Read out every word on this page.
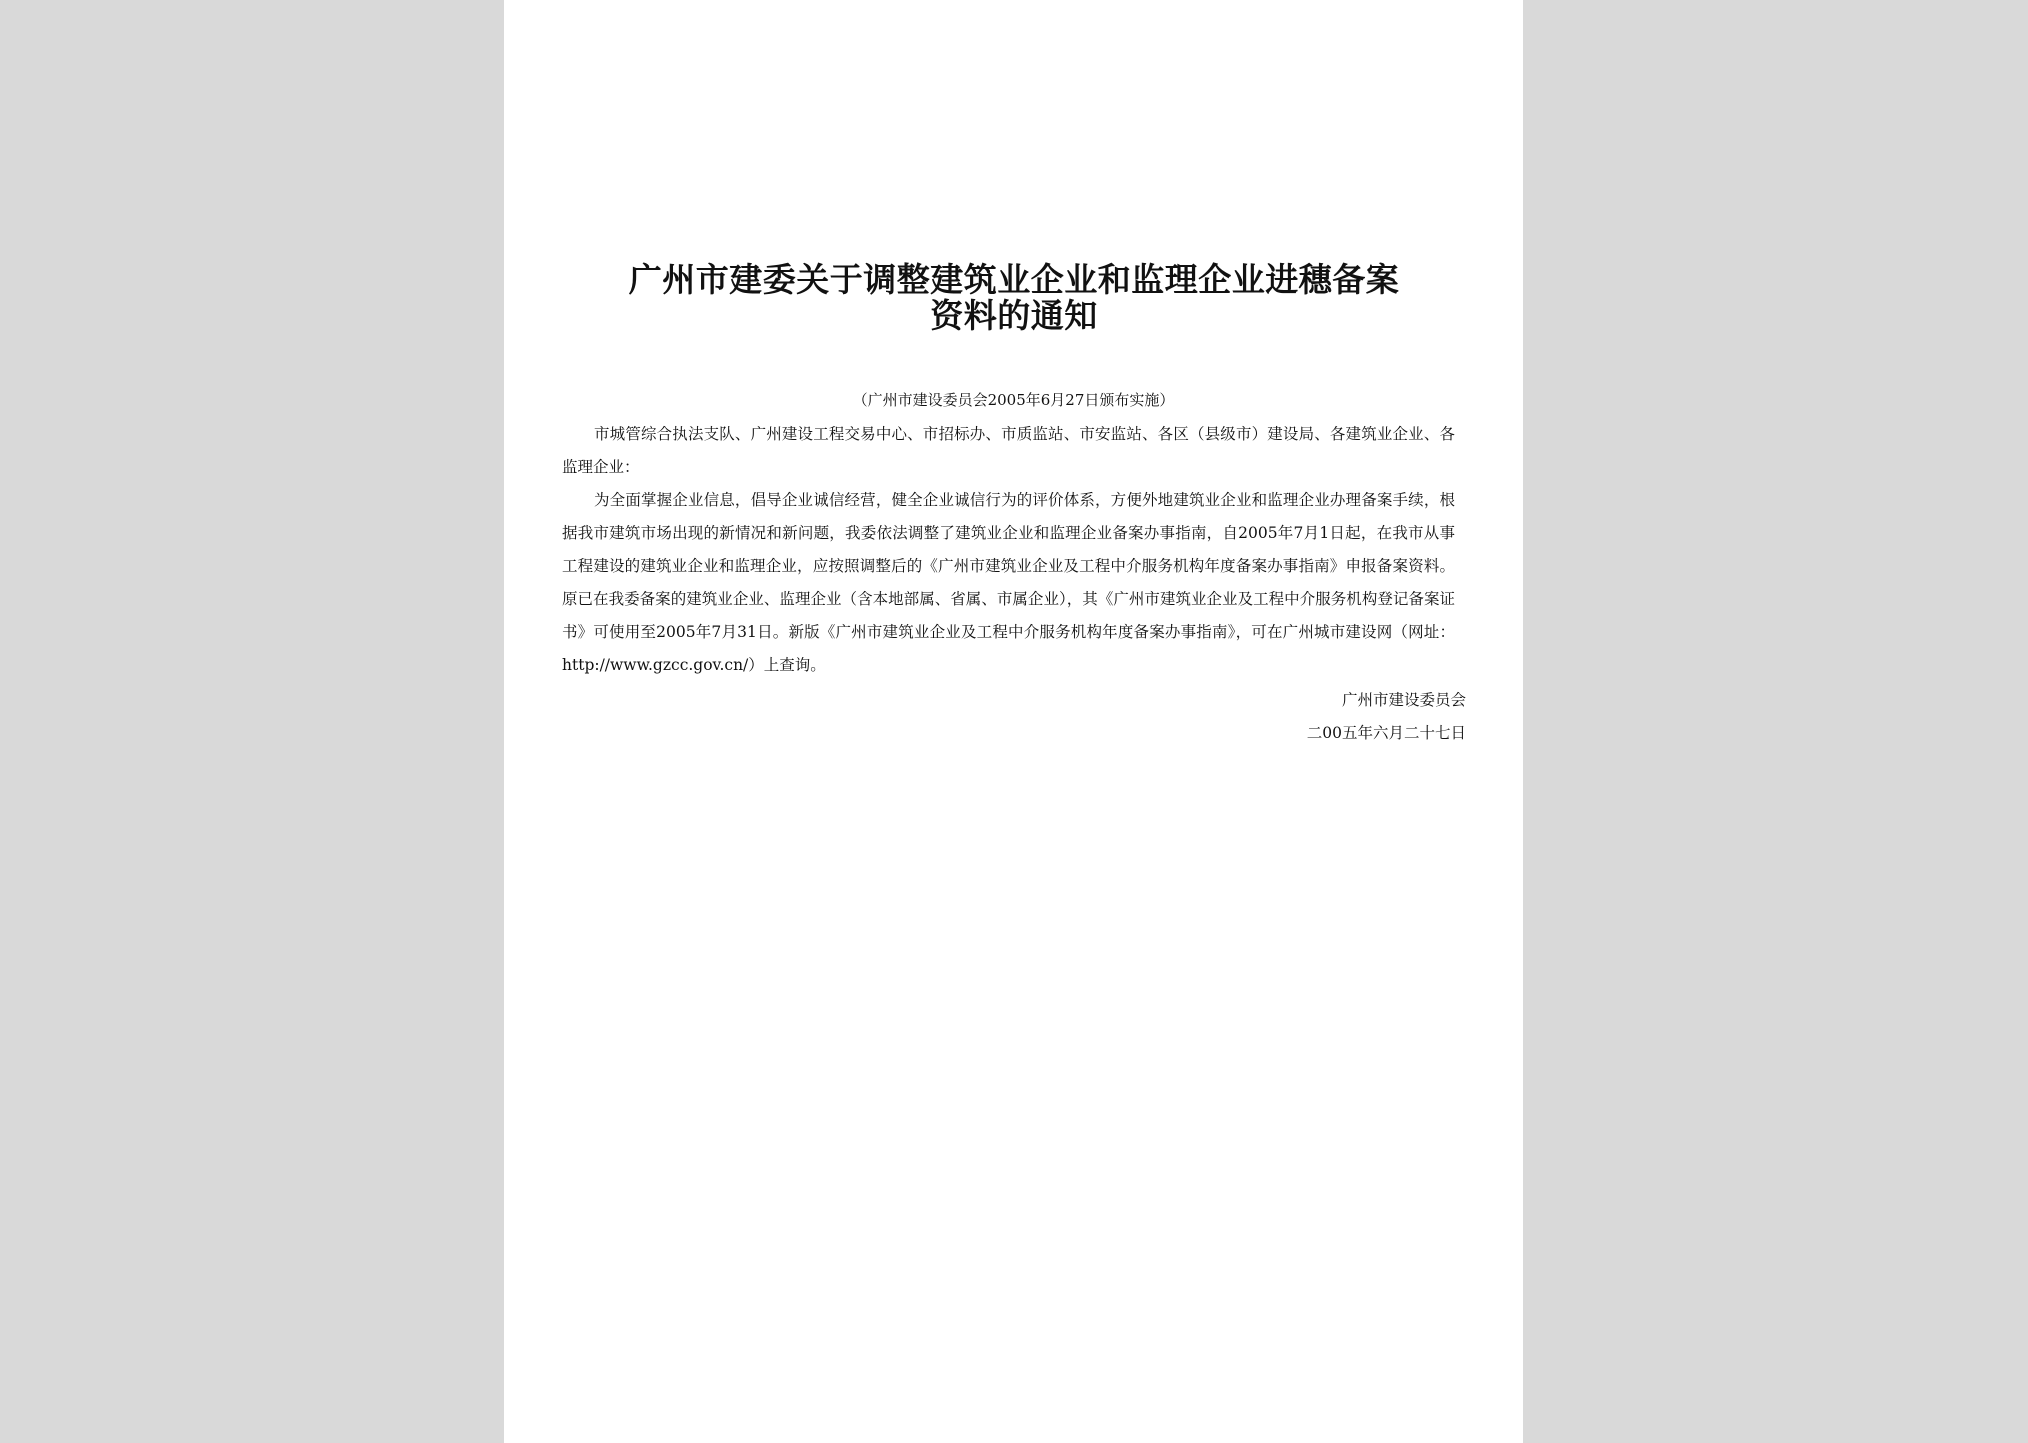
广州市建委关于调整建筑业企业和监理企业进穗备案
资料的通知
（广州市建设委员会2005年6月27日颁布实施）

市城管综合执法支队、广州建设工程交易中心、市招标办、市质监站、市安监站、各区（县级市）建设局、各建筑业企业、各监理企业：

为全面掌握企业信息，倡导企业诚信经营，健全企业诚信行为的评价体系，方便外地建筑业企业和监理企业办理备案手续，根据我市建筑市场出现的新情况和新问题，我委依法调整了建筑业企业和监理企业备案办事指南，自2005年7月1日起，在我市从事工程建设的建筑业企业和监理企业，应按照调整后的《广州市建筑业企业及工程中介服务机构年度备案办事指南》申报备案资料。原已在我委备案的建筑业企业、监理企业（含本地部属、省属、市属企业），其《广州市建筑业企业及工程中介服务机构登记备案证书》可使用至2005年7月31日。新版《广州市建筑业企业及工程中介服务机构年度备案办事指南》，可在广州城市建设网（网址：http://www.gzcc.gov.cn/）上查询。

广州市建设委员会
二00五年六月二十七日
